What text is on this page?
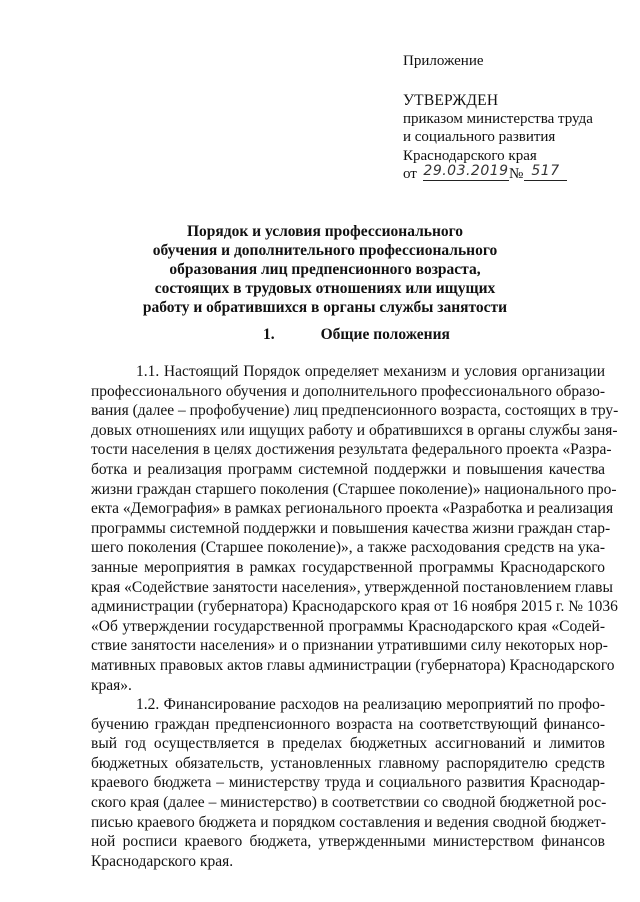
Приложение
УТВЕРЖДЕН
приказом министерства труда
и социального развития
Краснодарского края
от 29.03.2019 № 517
Порядок и условия профессионального
обучения и дополнительного профессионального
образования лиц предпенсионного возраста,
состоящих в трудовых отношениях или ищущих
работу и обратившихся в органы службы занятости
1.	Общие положения
1.1. Настоящий Порядок определяет механизм и условия организации
профессионального обучения и дополнительного профессионального образо-
вания (далее – профобучение) лиц предпенсионного возраста, состоящих в тру-
довых отношениях или ищущих работу и обратившихся в органы службы заня-
тости населения в целях достижения результата федерального проекта «Разра-
ботка и реализация программ системной поддержки и повышения качества
жизни граждан старшего поколения (Старшее поколение)» национального про-
екта «Демография» в рамках регионального проекта «Разработка и реализация
программы системной поддержки и повышения качества жизни граждан стар-
шего поколения (Старшее поколение)», а также расходования средств на ука-
занные мероприятия в рамках государственной программы Краснодарского
края «Содействие занятости населения», утвержденной постановлением главы
администрации (губернатора) Краснодарского края от 16 ноября 2015 г. № 1036
«Об утверждении государственной программы Краснодарского края «Содей-
ствие занятости населения» и о признании утратившими силу некоторых нор-
мативных правовых актов главы администрации (губернатора) Краснодарского
края».
1.2. Финансирование расходов на реализацию мероприятий по профо-
бучению граждан предпенсионного возраста на соответствующий финансо-
вый год осуществляется в пределах бюджетных ассигнований и лимитов
бюджетных обязательств, установленных главному распорядителю средств
краевого бюджета – министерству труда и социального развития Краснодар-
ского края (далее – министерство) в соответствии со сводной бюджетной рос-
писью краевого бюджета и порядком составления и ведения сводной бюджет-
ной росписи краевого бюджета, утвержденными министерством финансов
Краснодарского края.
